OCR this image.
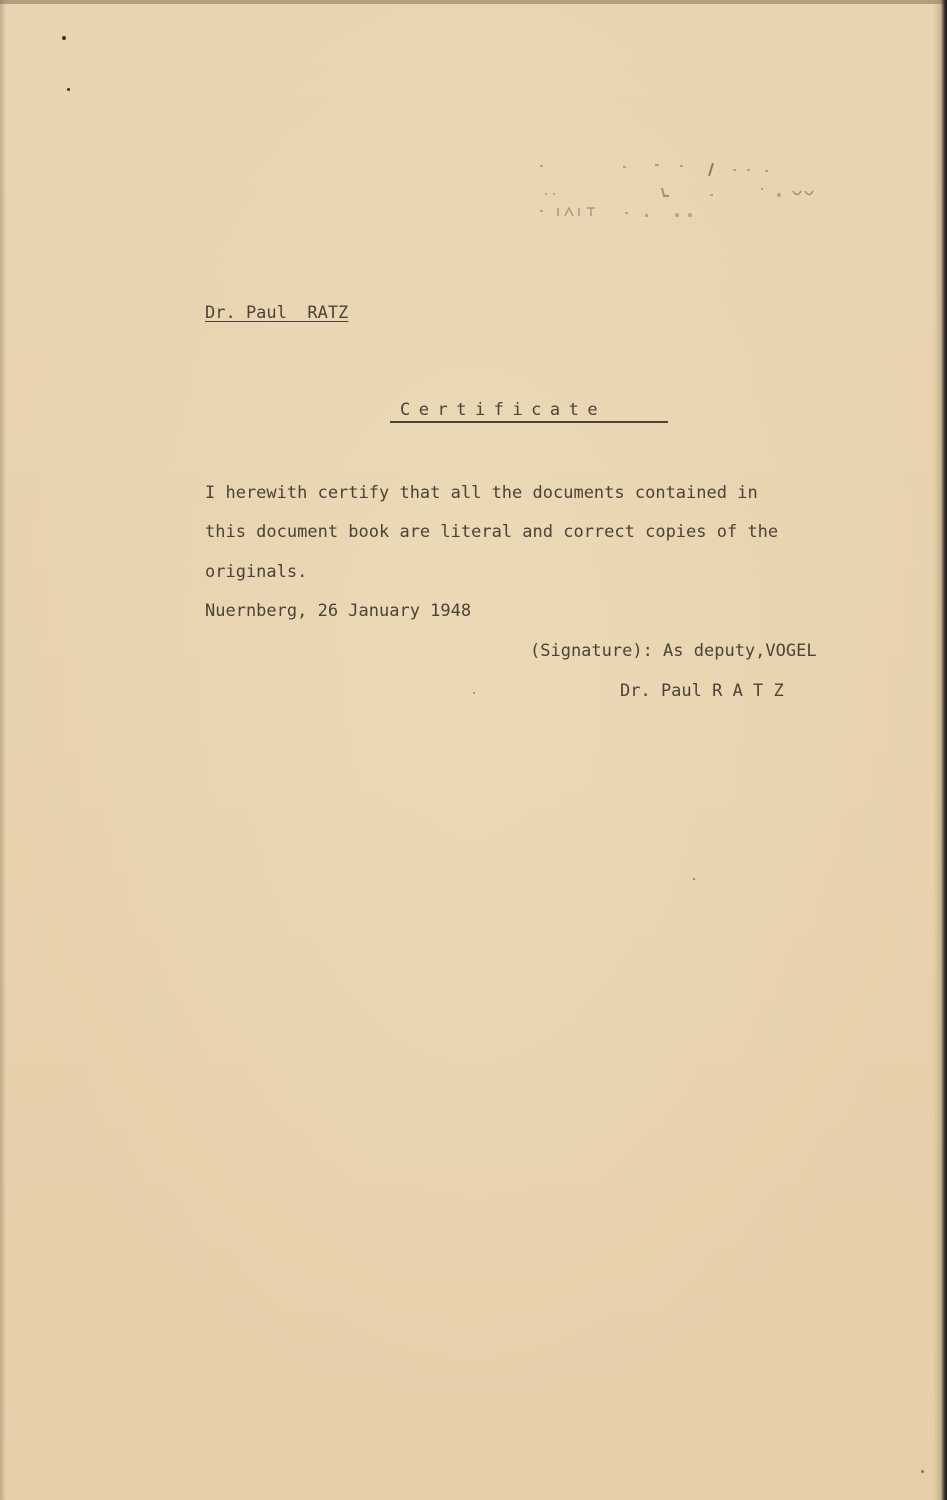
Dr. Paul  RATZ
Certificate
I herewith certify that all the documents contained in
this document book are literal and correct copies of the
originals.
Nuernberg, 26 January 1948
(Signature): As deputy,VOGEL
Dr. Paul R A T Z
